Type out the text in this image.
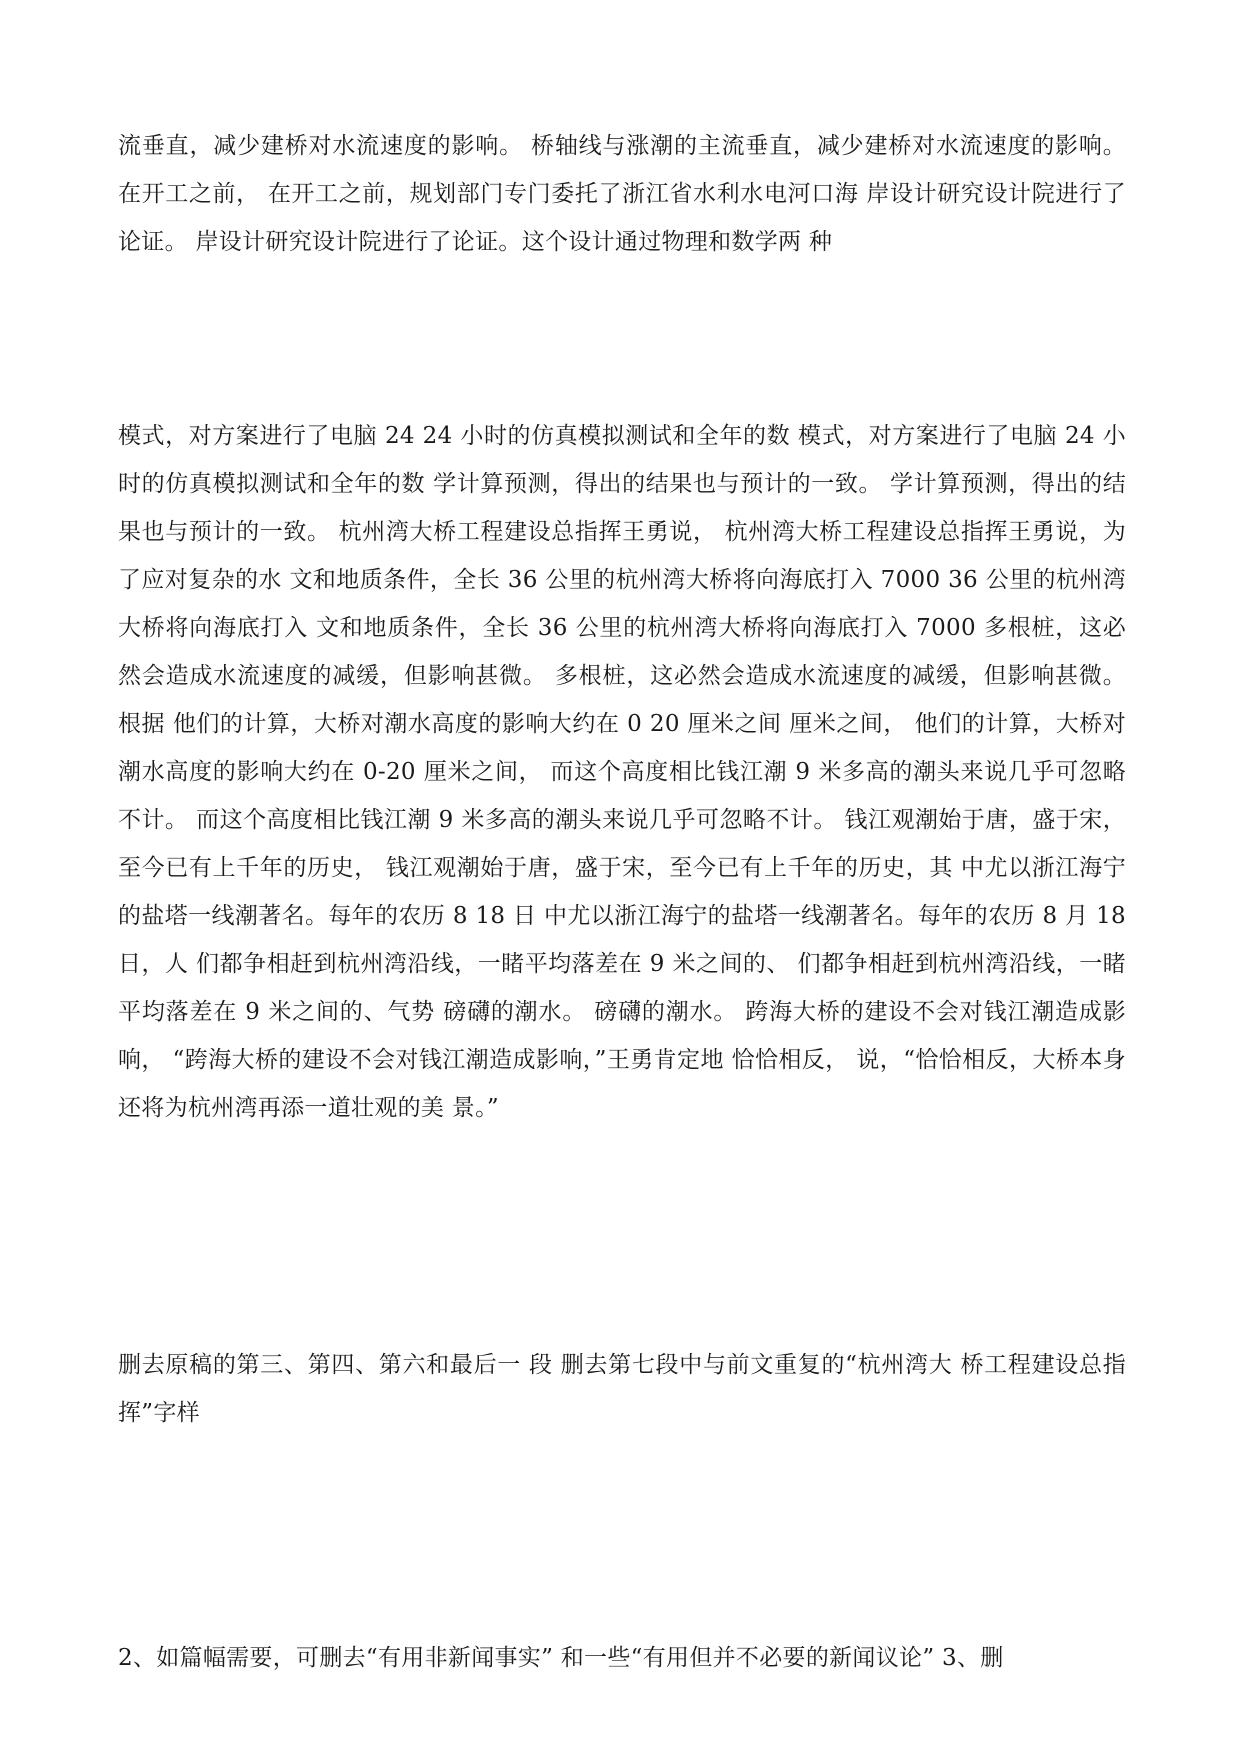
流垂直，减少建桥对水流速度的影响。 桥轴线与涨潮的主流垂直，减少建桥对水流速度的影响。 在开工之前， 在开工之前，规划部门专门委托了浙江省水利水电河口海 岸设计研究设计院进行了论证。 岸设计研究设计院进行了论证。这个设计通过物理和数学两 种

模式，对方案进行了电脑 24 24 小时的仿真模拟测试和全年的数 模式，对方案进行了电脑 24 小时的仿真模拟测试和全年的数 学计算预测，得出的结果也与预计的一致。 学计算预测，得出的结果也与预计的一致。 杭州湾大桥工程建设总指挥王勇说， 杭州湾大桥工程建设总指挥王勇说，为了应对复杂的水 文和地质条件，全长 36 公里的杭州湾大桥将向海底打入 7000 36 公里的杭州湾大桥将向海底打入 文和地质条件，全长 36 公里的杭州湾大桥将向海底打入 7000 多根桩，这必然会造成水流速度的减缓，但影响甚微。 多根桩，这必然会造成水流速度的减缓，但影响甚微。根据 他们的计算，大桥对潮水高度的影响大约在 0 20 厘米之间 厘米之间， 他们的计算，大桥对潮水高度的影响大约在 0-20 厘米之间， 而这个高度相比钱江潮 9 米多高的潮头来说几乎可忽略不计。 而这个高度相比钱江潮 9 米多高的潮头来说几乎可忽略不计。 钱江观潮始于唐，盛于宋，至今已有上千年的历史， 钱江观潮始于唐，盛于宋，至今已有上千年的历史，其 中尤以浙江海宁的盐塔一线潮著名。每年的农历 8 18 日 中尤以浙江海宁的盐塔一线潮著名。每年的农历 8 月 18 日，人 们都争相赶到杭州湾沿线，一睹平均落差在 9 米之间的、 们都争相赶到杭州湾沿线，一睹平均落差在 9 米之间的、气势 磅礴的潮水。 磅礴的潮水。 跨海大桥的建设不会对钱江潮造成影响， “跨海大桥的建设不会对钱江潮造成影响，”王勇肯定地 恰恰相反， 说，“恰恰相反，大桥本身还将为杭州湾再添一道壮观的美 景。”

删去原稿的第三、第四、第六和最后一 段 删去第七段中与前文重复的“杭州湾大 桥工程建设总指挥”字样

2、如篇幅需要，可删去“有用非新闻事实” 和一些“有用但并不必要的新闻议论” 3、删
